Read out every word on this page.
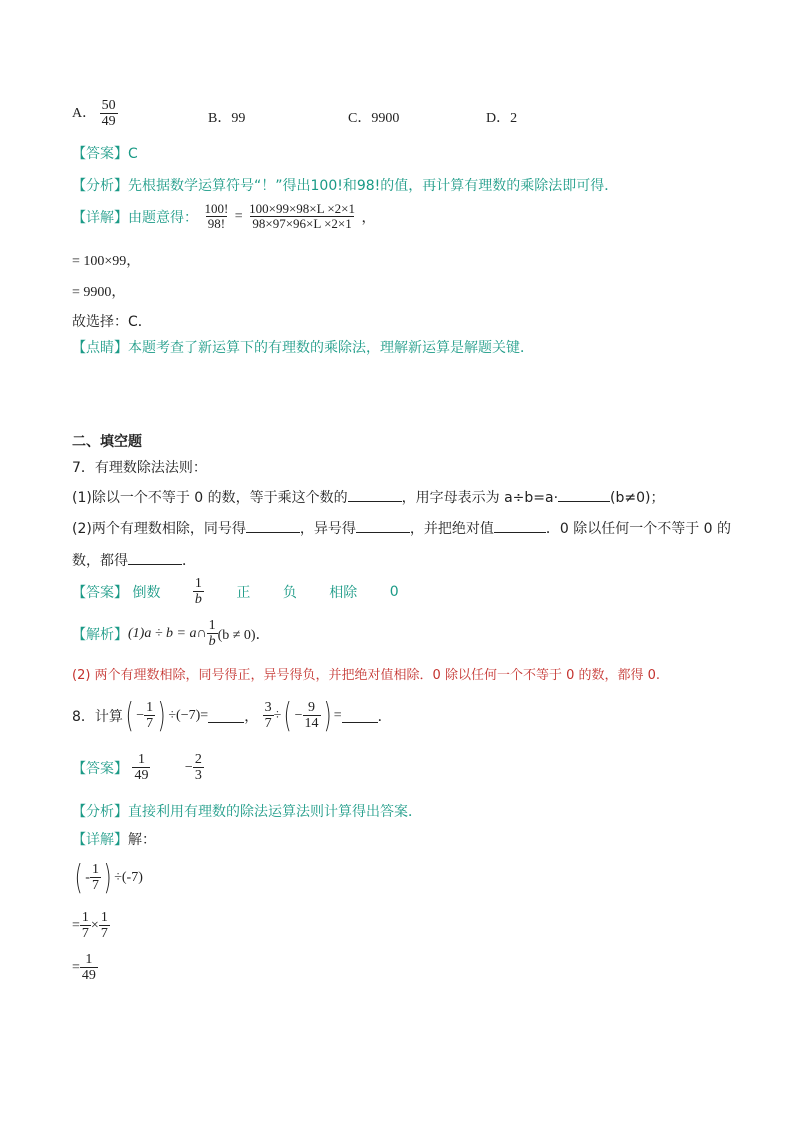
A． $\frac{50}{49}$	B．99	C．9900	D．2
【答案】C
【分析】先根据数学运算符号“！”得出100!和98!的值，再计算有理数的乘除法即可得．
【详解】由题意得： $\frac{100!}{98!} = \frac{100\times 99\times 98\times L \times 2\times 1}{98\times 97\times 96\times L \times 2\times 1}$ ，
= 100×99，
= 9900，
故选择：C．
【点睛】本题考查了新运算下的有理数的乘除法，理解新运算是解题关键．
二、填空题
7．有理数除法法则：
(1)除以一个不等于 0 的数，等于乘这个数的	，用字母表示为 a÷b=a·	(b≠0)；
(2)两个有理数相除，同号得	，异号得	，并把绝对值	．0 除以任何一个不等于 0 的
数，都得	．
【答案】 倒数 $\frac{1}{b}$ 正 负 相除 0
【解析】(1)a ÷ b = a∩ $\frac{1}{b} (b \ne 0)$．
(2) 两个有理数相除，同号得正，异号得负，并把绝对值相除．0 除以任何一个不等于 0 的数，都得 0.
8．计算( − $\frac{1}{7}$ ) ÷(−7)=	， $\frac{3}{7}$ ÷( − $\frac{9}{14}$ ) =	．
【答案】 $\frac{1}{49} - \frac{2}{3}$
【分析】直接利用有理数的除法运算法则计算得出答案．
【详解】解：
( - $\frac{1}{7}$ ) ÷(-7)
= $\frac{1}{7} \times \frac{1}{7}$
= $\frac{1}{49}$
